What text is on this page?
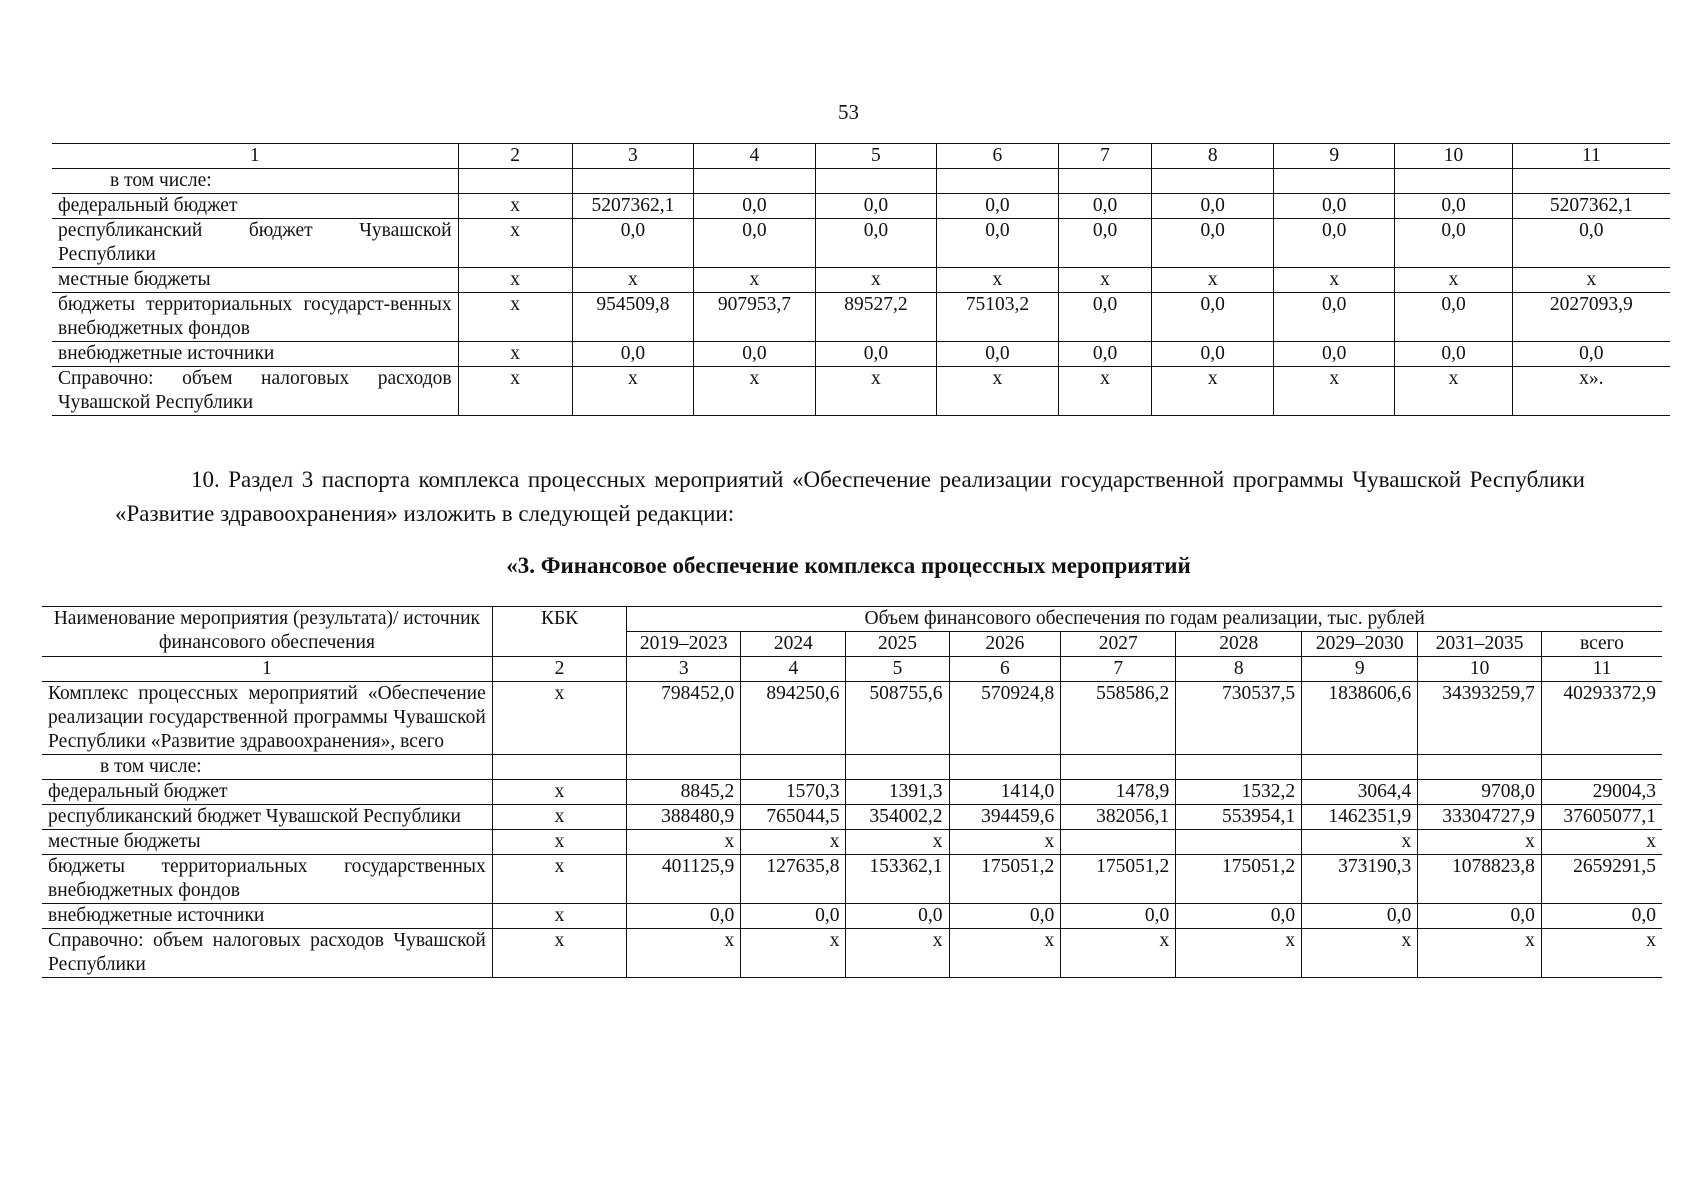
53
1	2	3	4	5	6	7	8	9	10	11
в том числе:										
федеральный бюджет	х	5207362,1	0,0	0,0	0,0	0,0	0,0	0,0	0,0	5207362,1
республиканский бюджет Чувашской Республики	х	0,0	0,0	0,0	0,0	0,0	0,0	0,0	0,0	0,0
местные бюджеты	х	х	х	х	х	х	х	х	х	х
бюджеты территориальных государст-венных внебюджетных фондов	х	954509,8	907953,7	89527,2	75103,2	0,0	0,0	0,0	0,0	2027093,9
внебюджетные источники	х	0,0	0,0	0,0	0,0	0,0	0,0	0,0	0,0	0,0
Справочно: объем налоговых расходов Чувашской Республики	х	х	х	х	х	х	х	х	х	х».
10. Раздел 3 паспорта комплекса процессных мероприятий «Обеспечение реализации государственной программы Чувашской Республики «Развитие здравоохранения» изложить в следующей редакции:
«3. Финансовое обеспечение комплекса процессных мероприятий
Наименование мероприятия (результата)/ источник финансового обеспечения	КБК	Объем финансового обеспечения по годам реализации, тыс. рублей								
		2019–2023	2024	2025	2026	2027	2028	2029–2030	2031–2035	всего
1	2	3	4	5	6	7	8	9	10	11
Комплекс процессных мероприятий «Обеспечение реализации государственной программы Чувашской Республики «Развитие здравоохранения», всего	х	798452,0	894250,6	508755,6	570924,8	558586,2	730537,5	1838606,6	34393259,7	40293372,9
в том числе:										
федеральный бюджет	х	8845,2	1570,3	1391,3	1414,0	1478,9	1532,2	3064,4	9708,0	29004,3
республиканский бюджет Чувашской Республики	х	388480,9	765044,5	354002,2	394459,6	382056,1	553954,1	1462351,9	33304727,9	37605077,1
местные бюджеты	х	х	х	х	х			х	х	х
бюджеты территориальных государственных внебюджетных фондов	х	401125,9	127635,8	153362,1	175051,2	175051,2	175051,2	373190,3	1078823,8	2659291,5
внебюджетные источники	х	0,0	0,0	0,0	0,0	0,0	0,0	0,0	0,0	0,0
Справочно: объем налоговых расходов Чувашской Республики	х	х	х	х	х	х	х	х	х	х
